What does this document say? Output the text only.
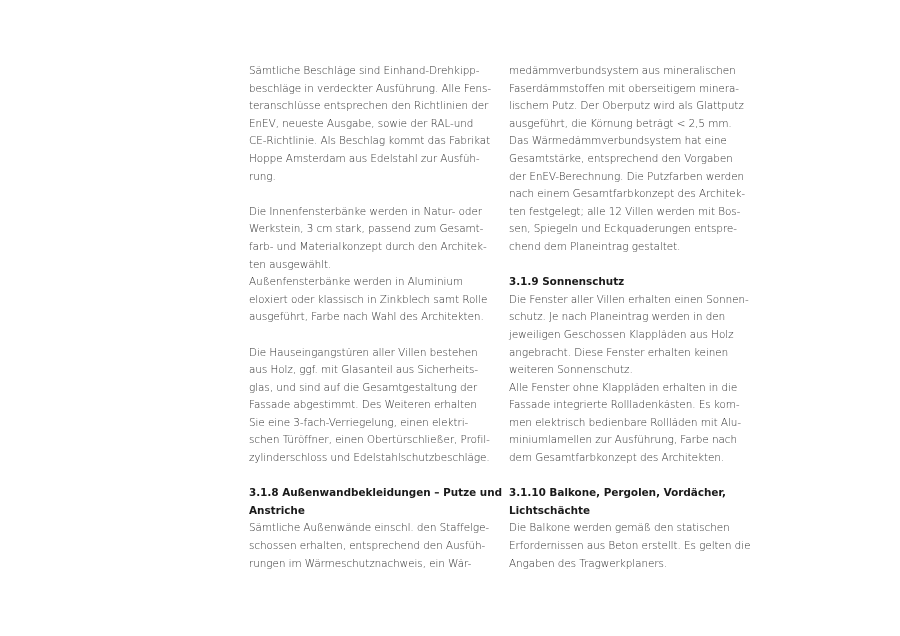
Sämtliche Beschläge sind Einhand-Drehkipp-
beschläge in verdeckter Ausführung. Alle Fens-
teranschlüsse entsprechen den Richtlinien der
EnEV, neueste Ausgabe, sowie der RAL-und
CE-Richtlinie. Als Beschlag kommt das Fabrikat
Hoppe Amsterdam aus Edelstahl zur Ausfüh-
rung.
Die Innenfensterbänke werden in Natur- oder
Werkstein, 3 cm stark, passend zum Gesamt-
farb- und Materialkonzept durch den Architek-
ten ausgewählt.
Außenfensterbänke werden in Aluminium
eloxiert oder klassisch in Zinkblech samt Rolle
ausgeführt, Farbe nach Wahl des Architekten.
Die Hauseingangstüren aller Villen bestehen
aus Holz, ggf. mit Glasanteil aus Sicherheits-
glas, und sind auf die Gesamtgestaltung der
Fassade abgestimmt. Des Weiteren erhalten
Sie eine 3-fach-Verriegelung, einen elektri-
schen Türöffner, einen Obertürschließer, Profil-
zylinderschloss und Edelstahlschutzbeschläge.
3.1.8 Außenwandbekleidungen – Putze und
Anstriche
Sämtliche Außenwände einschl. den Staffelge-
schossen erhalten, entsprechend den Ausfüh-
rungen im Wärmeschutznachweis, ein Wär-
medämmverbundsystem aus mineralischen
Faserdämmstoffen mit oberseitigem minera-
lischem Putz. Der Oberputz wird als Glattputz
ausgeführt, die Körnung beträgt < 2,5 mm.
Das Wärmedämmverbundsystem hat eine
Gesamtstärke, entsprechend den Vorgaben
der EnEV-Berechnung. Die Putzfarben werden
nach einem Gesamtfarbkonzept des Architek-
ten festgelegt; alle 12 Villen werden mit Bos-
sen, Spiegeln und Eckquaderungen entspre-
chend dem Planeintrag gestaltet.
3.1.9 Sonnenschutz
Die Fenster aller Villen erhalten einen Sonnen-
schutz. Je nach Planeintrag werden in den
jeweiligen Geschossen Klappläden aus Holz
angebracht. Diese Fenster erhalten keinen
weiteren Sonnenschutz.
Alle Fenster ohne Klappläden erhalten in die
Fassade integrierte Rollladenkästen. Es kom-
men elektrisch bedienbare Rollläden mit Alu-
miniumlamellen zur Ausführung, Farbe nach
dem Gesamtfarbkonzept des Architekten.
3.1.10 Balkone, Pergolen, Vordächer,
Lichtschächte
Die Balkone werden gemäß den statischen
Erfordernissen aus Beton erstellt. Es gelten die
Angaben des Tragwerkplaners.
